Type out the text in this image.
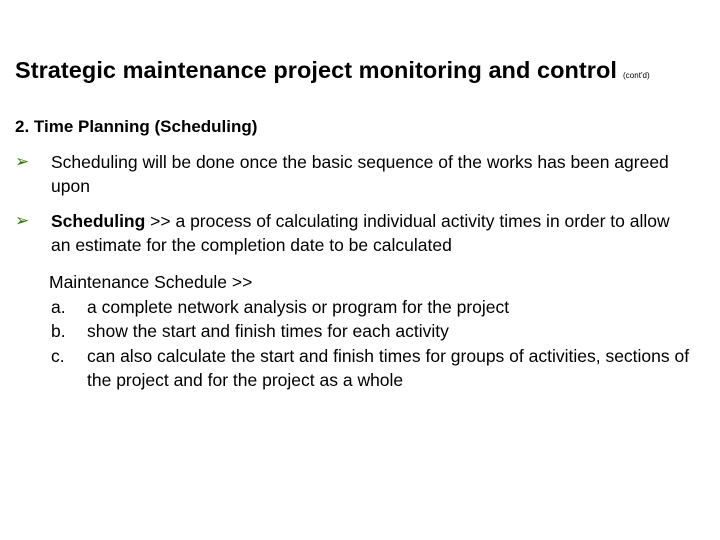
Strategic maintenance project monitoring and control (cont'd)
2. Time Planning (Scheduling)
➢ Scheduling will be done once the basic sequence of the works has been agreed upon
➢ Scheduling >> a process of calculating individual activity times in order to allow an estimate for the completion date to be calculated
Maintenance Schedule >>
a. a complete network analysis or program for the project
b. show the start and finish times for each activity
c. can also calculate the start and finish times for groups of activities, sections of the project and for the project as a whole
